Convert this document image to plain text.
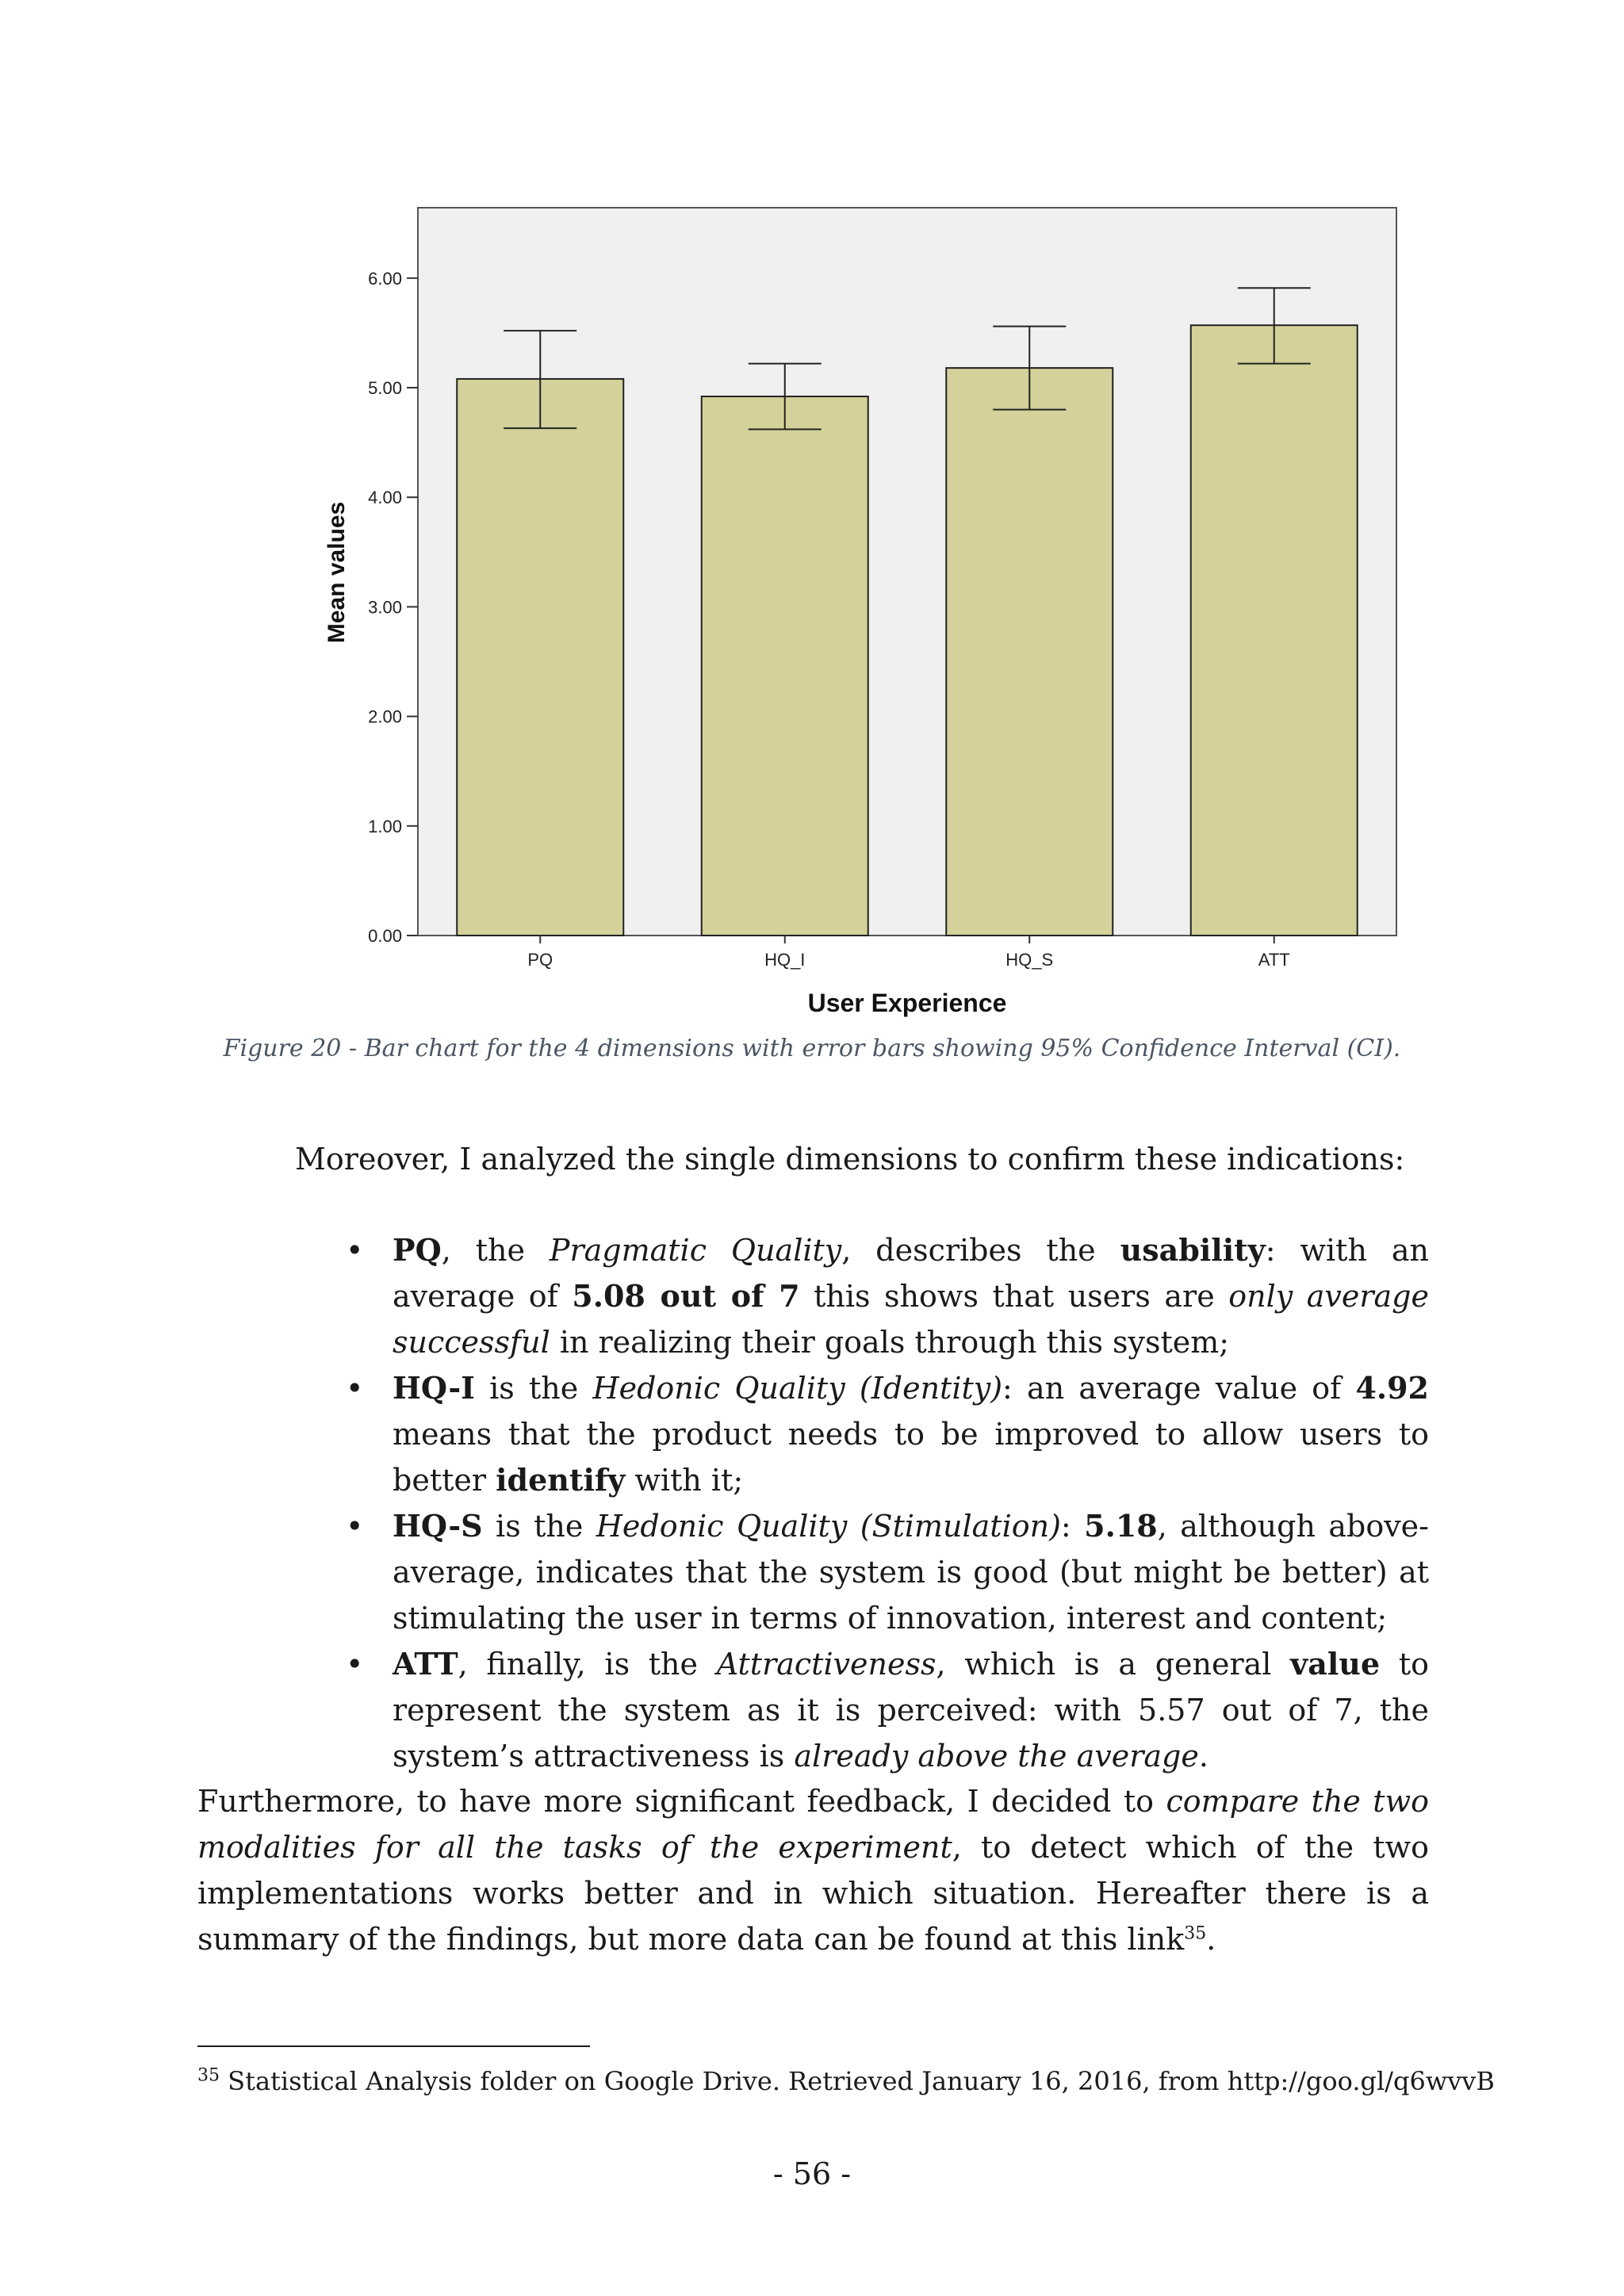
0.00
1.00
2.00
3.00
4.00
5.00
6.00
PQ	HQ_I	HQ_S	ATT
User Experience
Mean values
Figure 20 - Bar chart for the 4 dimensions with error bars showing 95% Confidence Interval (CI).

Moreover, I analyzed the single dimensions to confirm these indications:

• PQ, the Pragmatic Quality, describes the usability: with an average of 5.08 out of 7 this shows that users are only average successful in realizing their goals through this system;
• HQ-I is the Hedonic Quality (Identity): an average value of 4.92 means that the product needs to be improved to allow users to better identify with it;
• HQ-S is the Hedonic Quality (Stimulation): 5.18, although above-average, indicates that the system is good (but might be better) at stimulating the user in terms of innovation, interest and content;
• ATT, finally, is the Attractiveness, which is a general value to represent the system as it is perceived: with 5.57 out of 7, the system’s attractiveness is already above the average.

Furthermore, to have more significant feedback, I decided to compare the two modalities for all the tasks of the experiment, to detect which of the two implementations works better and in which situation. Hereafter there is a summary of the findings, but more data can be found at this link$^{35}$.

$^{35}$ Statistical Analysis folder on Google Drive. Retrieved January 16, 2016, from http://goo.gl/q6wvvB
- 56 -
